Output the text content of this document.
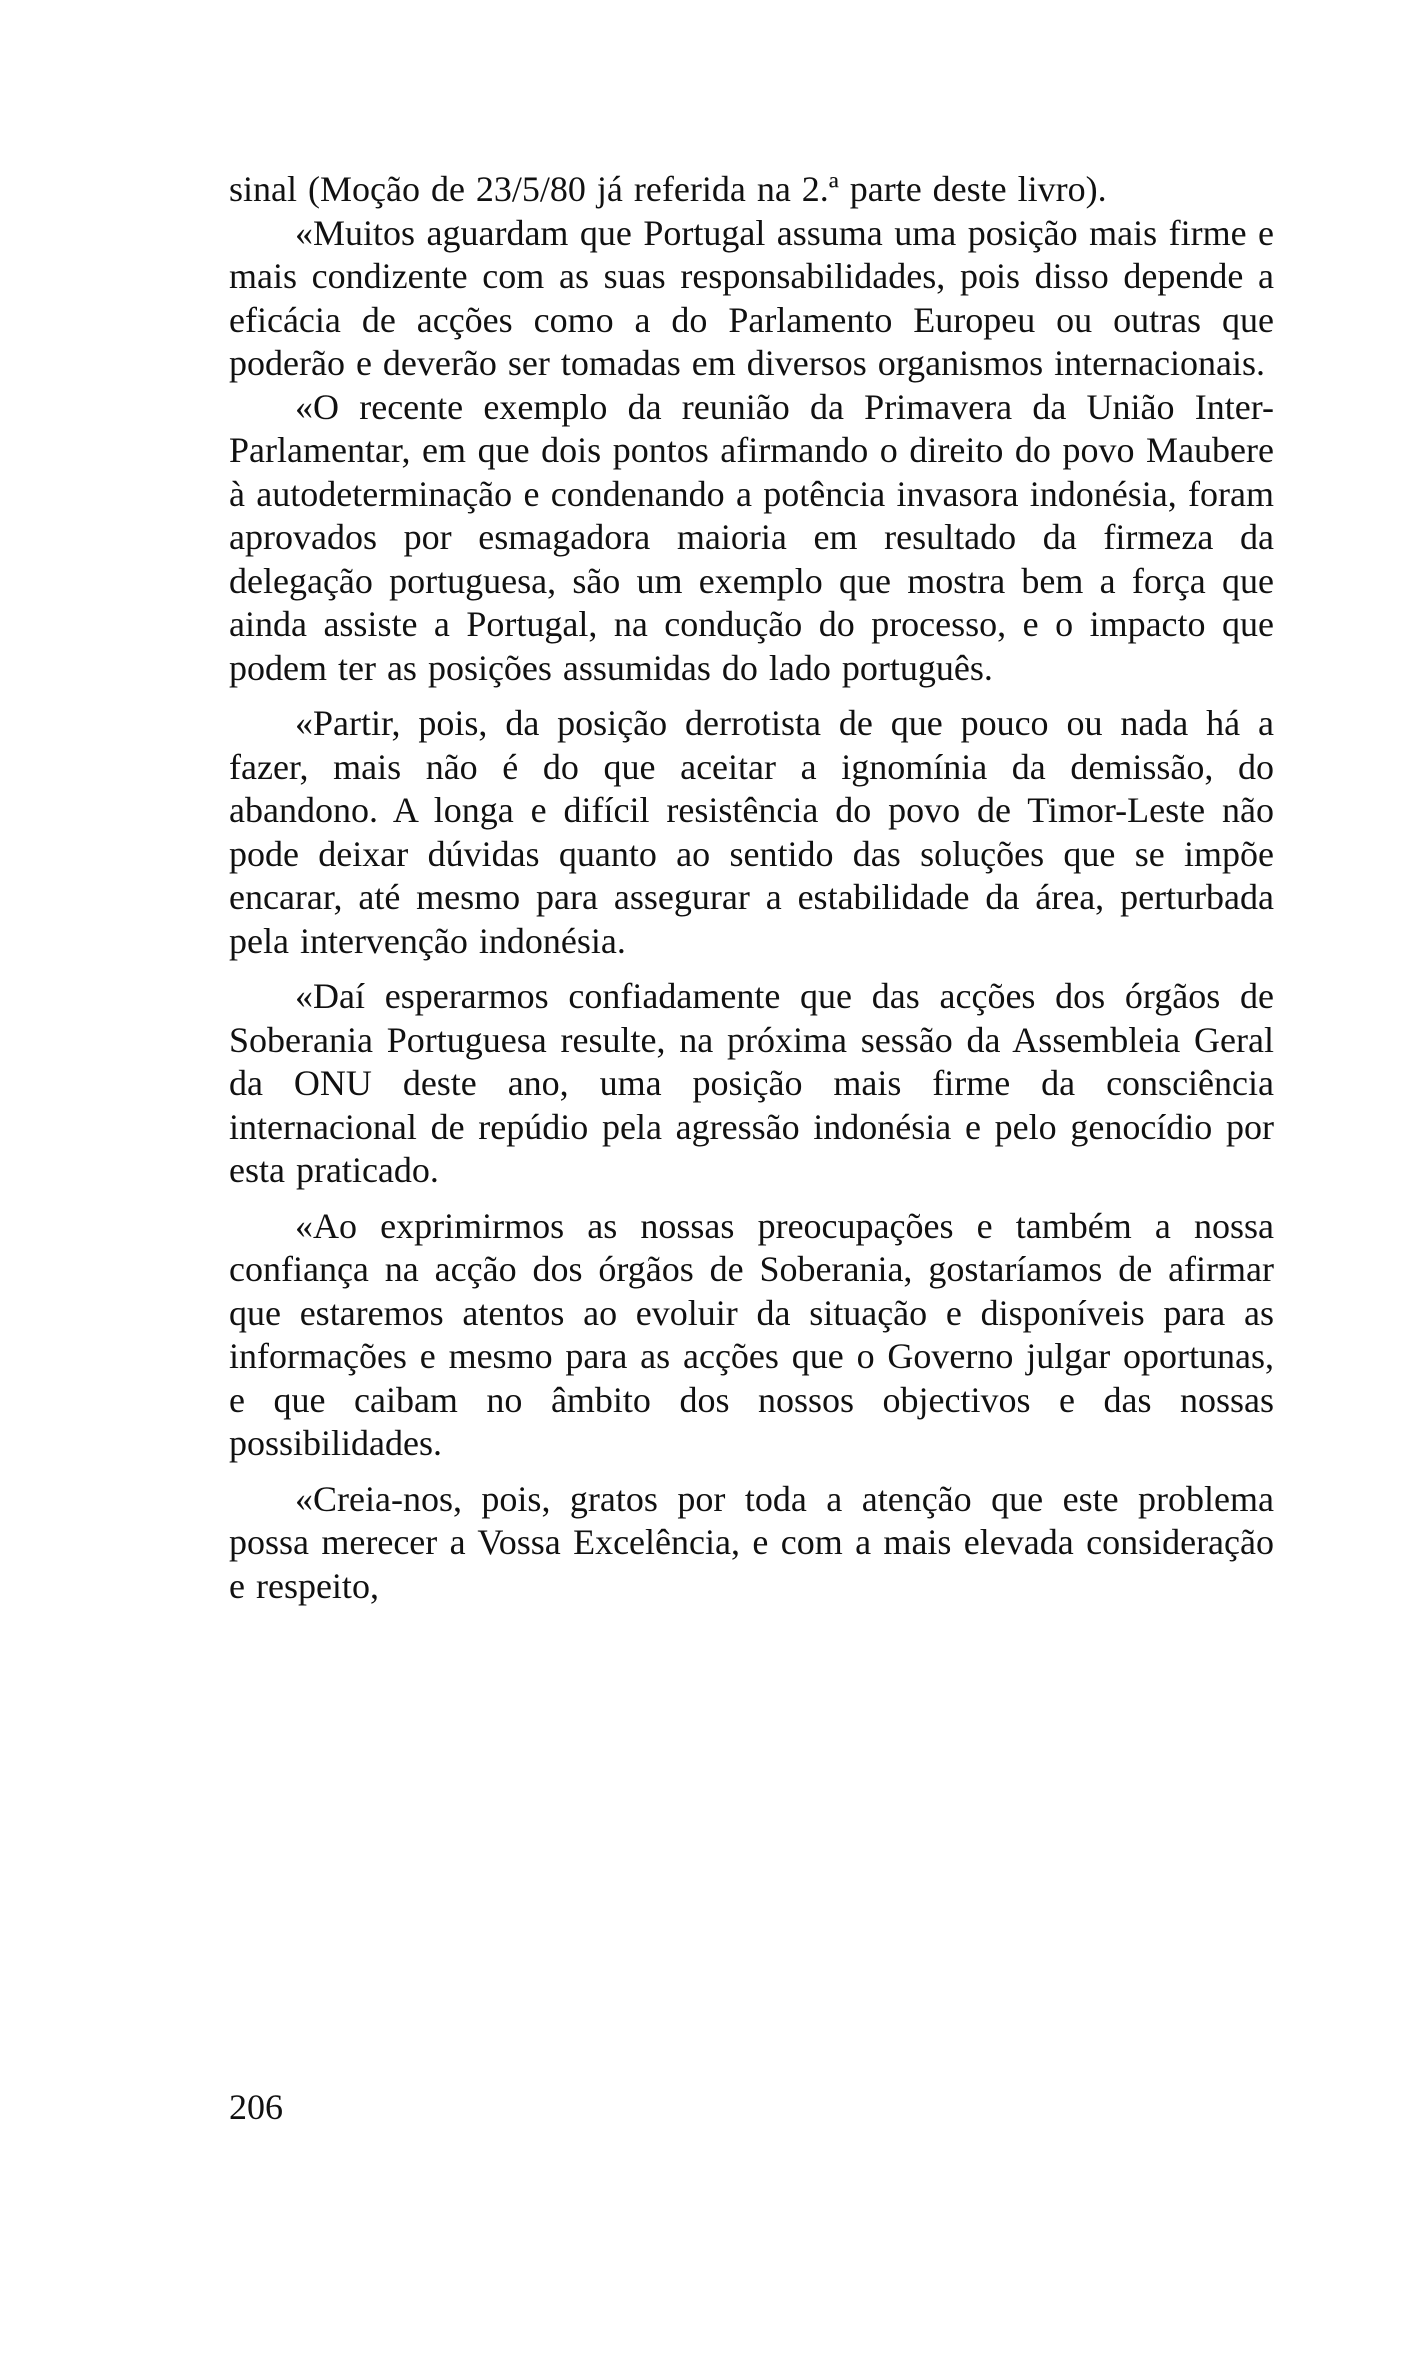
sinal (Moção de 23/5/80 já referida na 2.ª parte deste livro).

«Muitos aguardam que Portugal assuma uma posição mais firme e mais condizente com as suas responsabilidades, pois disso depende a eficácia de acções como a do Parlamento Europeu ou outras que poderão e deverão ser tomadas em diversos organismos internacionais.

«O recente exemplo da reunião da Primavera da União Inter-Parlamentar, em que dois pontos afirmando o direito do povo Maubere à autodeterminação e condenando a potência invasora indonésia, foram aprovados por esmagadora maioria em resultado da firmeza da delegação portuguesa, são um exemplo que mostra bem a força que ainda assiste a Portugal, na condução do processo, e o impacto que podem ter as posições assumidas do lado português.

«Partir, pois, da posição derrotista de que pouco ou nada há a fazer, mais não é do que aceitar a ignomínia da demissão, do abandono. A longa e difícil resistência do povo de Timor-Leste não pode deixar dúvidas quanto ao sentido das soluções que se impõe encarar, até mesmo para assegurar a estabilidade da área, perturbada pela intervenção indonésia.

«Daí esperarmos confiadamente que das acções dos órgãos de Soberania Portuguesa resulte, na próxima sessão da Assembleia Geral da ONU deste ano, uma posição mais firme da consciência internacional de repúdio pela agressão indonésia e pelo genocídio por esta praticado.

«Ao exprimirmos as nossas preocupações e também a nossa confiança na acção dos órgãos de Soberania, gostaríamos de afirmar que estaremos atentos ao evoluir da situação e disponíveis para as informações e mesmo para as acções que o Governo julgar oportunas, e que caibam no âmbito dos nossos objectivos e das nossas possibilidades.

«Creia-nos, pois, gratos por toda a atenção que este problema possa merecer a Vossa Excelência, e com a mais elevada consideração e respeito,

206
